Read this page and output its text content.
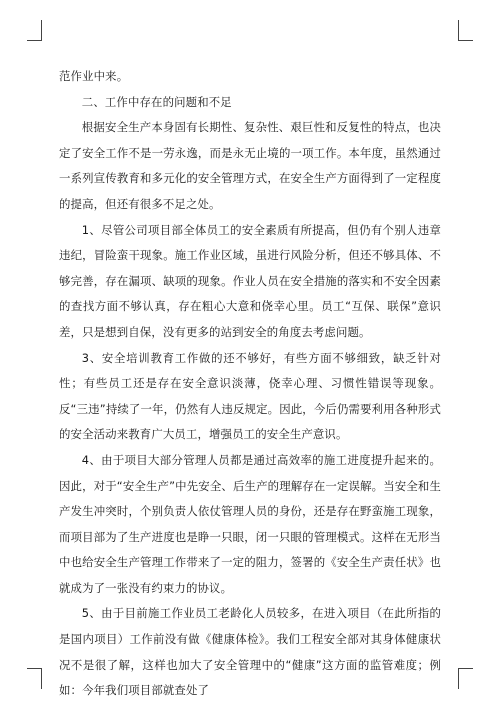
范作业中来。

二、工作中存在的问题和不足

根据安全生产本身固有长期性、复杂性、艰巨性和反复性的特点，也决定了安全工作不是一劳永逸，而是永无止境的一项工作。本年度，虽然通过一系列宣传教育和多元化的安全管理方式，在安全生产方面得到了一定程度的提高，但还有很多不足之处。

1、尽管公司项目部全体员工的安全素质有所提高，但仍有个别人违章违纪，冒险蛮干现象。施工作业区域，虽进行风险分析，但还不够具体、不够完善，存在漏项、缺项的现象。作业人员在安全措施的落实和不安全因素的查找方面不够认真，存在粗心大意和侥幸心里。员工“互保、联保”意识差，只是想到自保，没有更多的站到安全的角度去考虑问题。

3、安全培训教育工作做的还不够好，有些方面不够细致，缺乏针对性；有些员工还是存在安全意识淡薄，侥幸心理、习惯性错误等现象。反“三违”持续了一年，仍然有人违反规定。因此，今后仍需要利用各种形式的安全活动来教育广大员工，增强员工的安全生产意识。

4、由于项目大部分管理人员都是通过高效率的施工进度提升起来的。因此，对于“安全生产”中先安全、后生产的理解存在一定误解。当安全和生产发生冲突时，个别负责人依仗管理人员的身份，还是存在野蛮施工现象，而项目部为了生产进度也是睁一只眼，闭一只眼的管理模式。这样在无形当中也给安全生产管理工作带来了一定的阻力，签署的《安全生产责任状》也就成为了一张没有约束力的协议。

5、由于目前施工作业员工老龄化人员较多，在进入项目（在此所指的是国内项目）工作前没有做《健康体检》。我们工程安全部对其身体健康状况不是很了解，这样也加大了安全管理中的“健康”这方面的监管难度；例如：今年我们项目部就查处了
